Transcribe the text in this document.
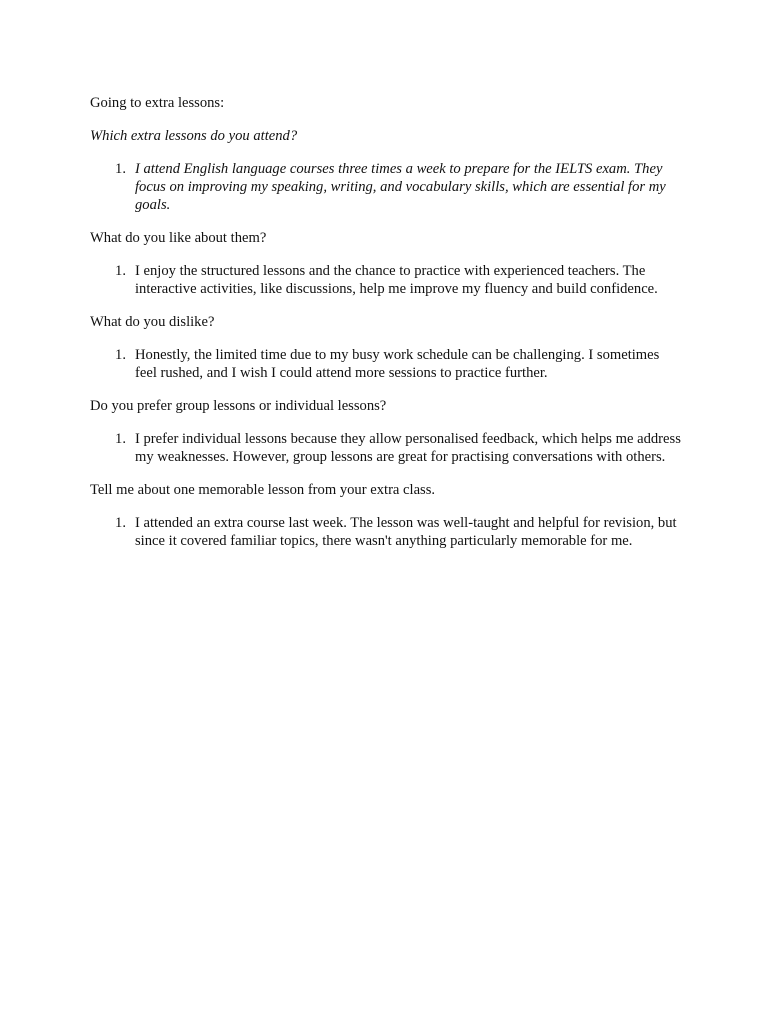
Going to extra lessons:

Which extra lessons do you attend?

1. I attend English language courses three times a week to prepare for the IELTS exam. They focus on improving my speaking, writing, and vocabulary skills, which are essential for my goals.

What do you like about them?

1. I enjoy the structured lessons and the chance to practice with experienced teachers. The interactive activities, like discussions, help me improve my fluency and build confidence.

What do you dislike?

1. Honestly, the limited time due to my busy work schedule can be challenging. I sometimes feel rushed, and I wish I could attend more sessions to practice further.

Do you prefer group lessons or individual lessons?

1. I prefer individual lessons because they allow personalised feedback, which helps me address my weaknesses. However, group lessons are great for practising conversations with others.

Tell me about one memorable lesson from your extra class.

1. I attended an extra course last week. The lesson was well-taught and helpful for revision, but since it covered familiar topics, there wasn't anything particularly memorable for me.
